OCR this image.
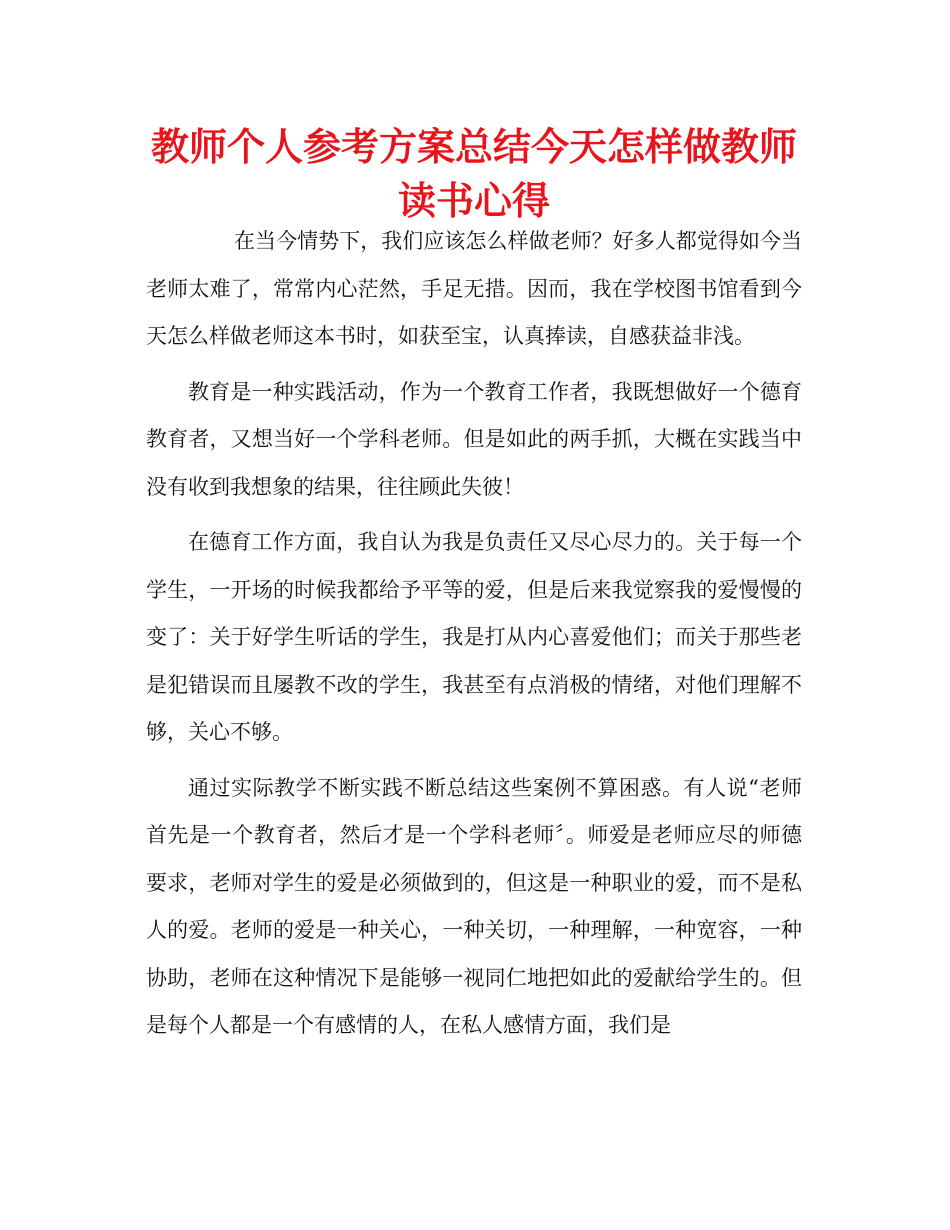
教师个人参考方案总结今天怎样做教师读书心得

在当今情势下，我们应该怎么样做老师？好多人都觉得如今当老师太难了，常常内心茫然，手足无措。因而，我在学校图书馆看到今天怎么样做老师这本书时，如获至宝，认真捧读，自感获益非浅。

教育是一种实践活动，作为一个教育工作者，我既想做好一个德育教育者，又想当好一个学科老师。但是如此的两手抓，大概在实践当中没有收到我想象的结果，往往顾此失彼！

在德育工作方面，我自认为我是负责任又尽心尽力的。关于每一个学生，一开场的时候我都给予平等的爱，但是后来我觉察我的爱慢慢的变了：关于好学生听话的学生，我是打从内心喜爱他们；而关于那些老是犯错误而且屡教不改的学生，我甚至有点消极的情绪，对他们理解不够，关心不够。

通过实际教学不断实践不断总结这些案例不算困惑。有人说“老师首先是一个教育者，然后才是一个学科老师〞。师爱是老师应尽的师德要求，老师对学生的爱是必须做到的，但这是一种职业的爱，而不是私人的爱。老师的爱是一种关心，一种关切，一种理解，一种宽容，一种协助，老师在这种情况下是能够一视同仁地把如此的爱献给学生的。但是每个人都是一个有感情的人，在私人感情方面，我们是
